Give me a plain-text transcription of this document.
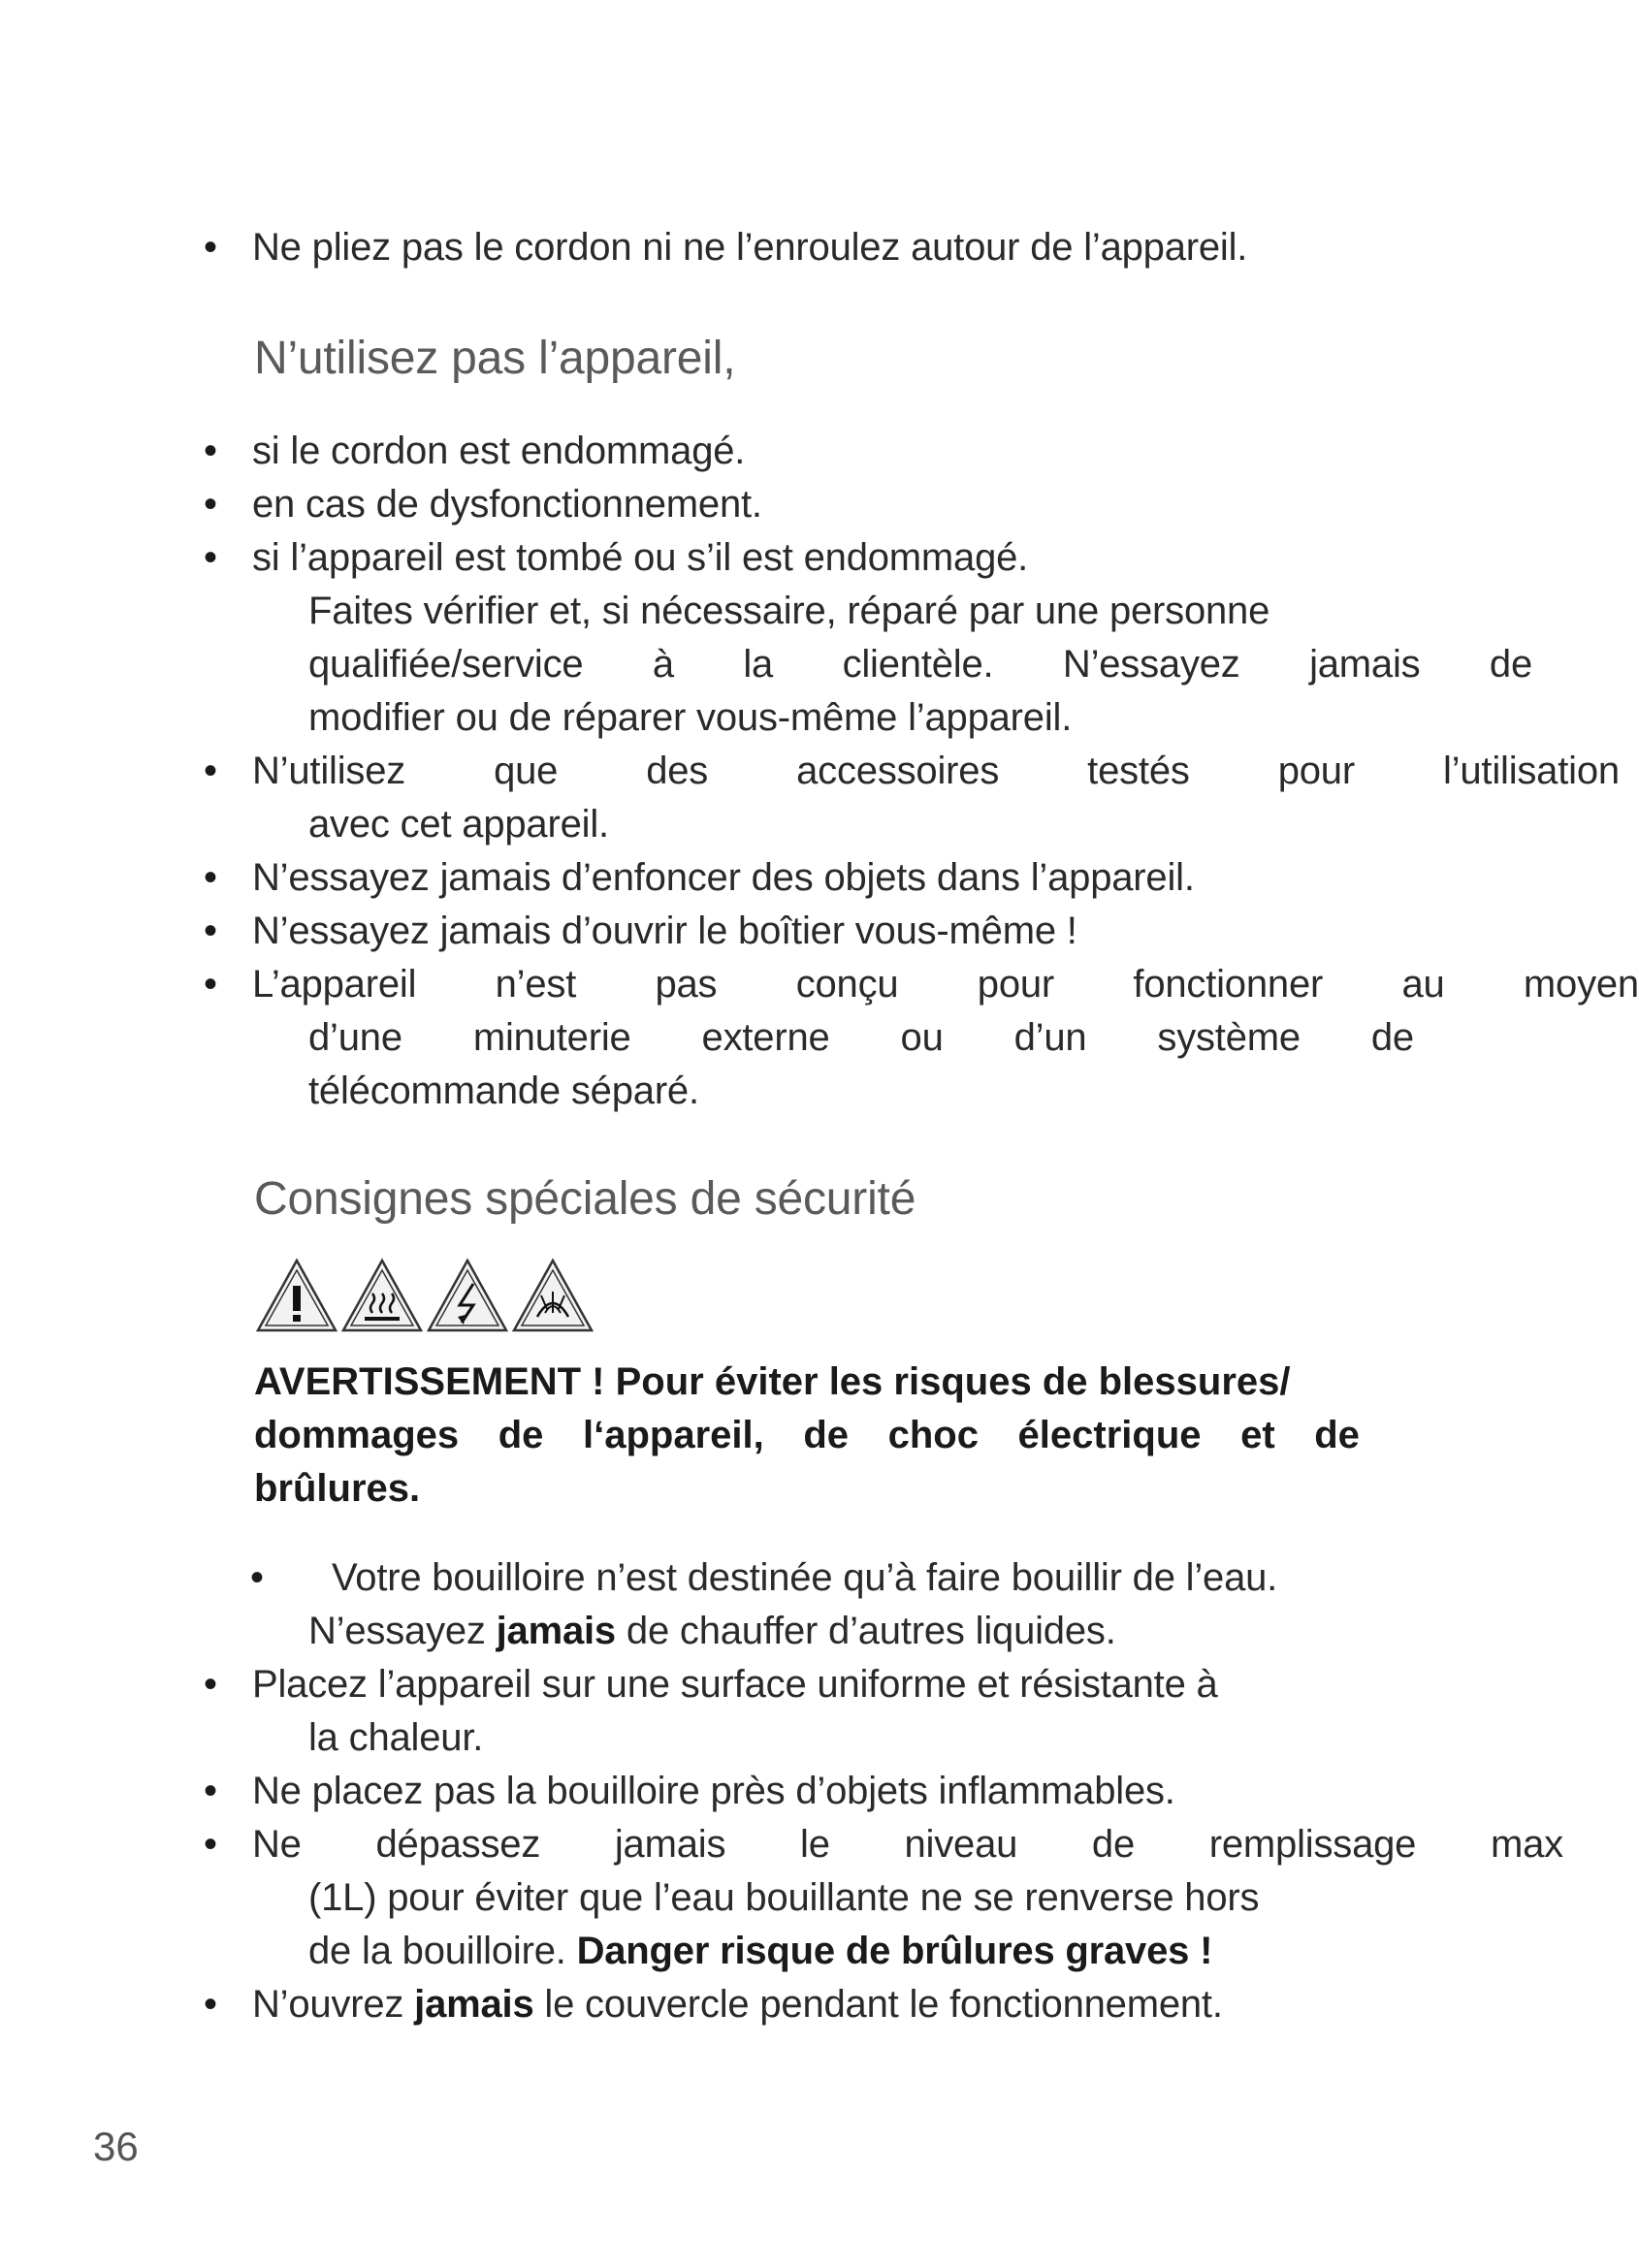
• Ne pliez pas le cordon ni ne l’enroulez autour de l’appareil.
N’utilisez pas l’appareil,
• si le cordon est endommagé.
• en cas de dysfonctionnement.
• si l’appareil est tombé ou s’il est endommagé.
Faites vérifier et, si nécessaire, réparé par une personne
qualifiée/service à la clientèle. N’essayez jamais de
modifier ou de réparer vous-même l’appareil.
• N’utilisez que des accessoires testés pour l’utilisation
avec cet appareil.
• N’essayez jamais d’enfoncer des objets dans l’appareil.
• N’essayez jamais d’ouvrir le boîtier vous-même !
• L’appareil n’est pas conçu pour fonctionner au moyen
d’une minuterie externe ou d’un système de
télécommande séparé.
Consignes spéciales de sécurité
AVERTISSEMENT ! Pour éviter les risques de blessures/
dommages de l‘appareil, de choc électrique et de
brûlures.
• Votre bouilloire n’est destinée qu’à faire bouillir de l’eau.
N’essayez jamais de chauffer d’autres liquides.
• Placez l’appareil sur une surface uniforme et résistante à
la chaleur.
• Ne placez pas la bouilloire près d’objets inflammables.
• Ne dépassez jamais le niveau de remplissage max
(1L) pour éviter que l’eau bouillante ne se renverse hors
de la bouilloire. Danger risque de brûlures graves !
• N’ouvrez jamais le couvercle pendant le fonctionnement.
36
